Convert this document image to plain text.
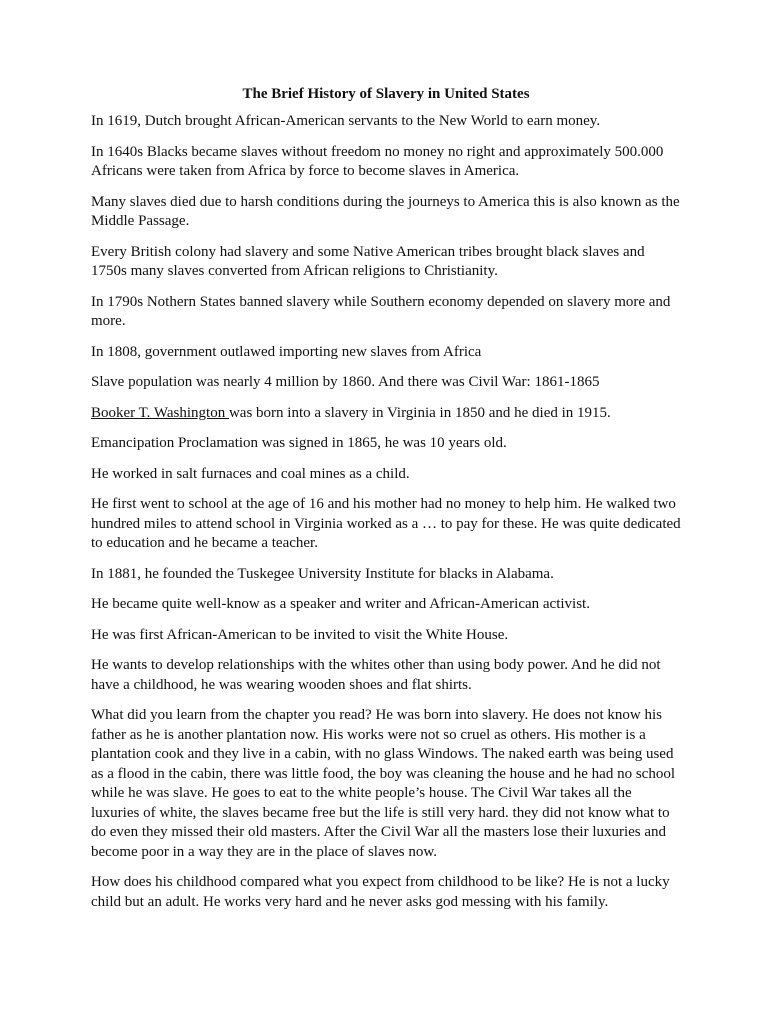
The Brief History of Slavery in United States

In 1619, Dutch brought African-American servants to the New World to earn money.

In 1640s Blacks became slaves without freedom no money no right and approximately 500.000 Africans were taken from Africa by force to become slaves in America.

Many slaves died due to harsh conditions during the journeys to America this is also known as the Middle Passage.

Every British colony had slavery and some Native American tribes brought black slaves and 1750s many slaves converted from African religions to Christianity.

In 1790s Nothern States banned slavery while Southern economy depended on slavery more and more.

In 1808, government outlawed importing new slaves from Africa

Slave population was nearly 4 million by 1860. And there was Civil War: 1861-1865

Booker T. Washington was born into a slavery in Virginia in 1850 and he died in 1915.

Emancipation Proclamation was signed in 1865, he was 10 years old.

He worked in salt furnaces and coal mines as a child.

He first went to school at the age of 16 and his mother had no money to help him. He walked two hundred miles to attend school in Virginia worked as a … to pay for these. He was quite dedicated to education and he became a teacher.

In 1881, he founded the Tuskegee University Institute for blacks in Alabama.

He became quite well-know as a speaker and writer and African-American activist.

He was first African-American to be invited to visit the White House.

He wants to develop relationships with the whites other than using body power. And he did not have a childhood, he was wearing wooden shoes and flat shirts.

What did you learn from the chapter you read? He was born into slavery. He does not know his father as he is another plantation now. His works were not so cruel as others. His mother is a plantation cook and they live in a cabin, with no glass Windows. The naked earth was being used as a flood in the cabin, there was little food, the boy was cleaning the house and he had no school while he was slave. He goes to eat to the white people’s house. The Civil War takes all the luxuries of white, the slaves became free but the life is still very hard. they did not know what to do even they missed their old masters. After the Civil War all the masters lose their luxuries and become poor in a way they are in the place of slaves now.

How does his childhood compared what you expect from childhood to be like? He is not a lucky child but an adult. He works very hard and he never asks god messing with his family.
